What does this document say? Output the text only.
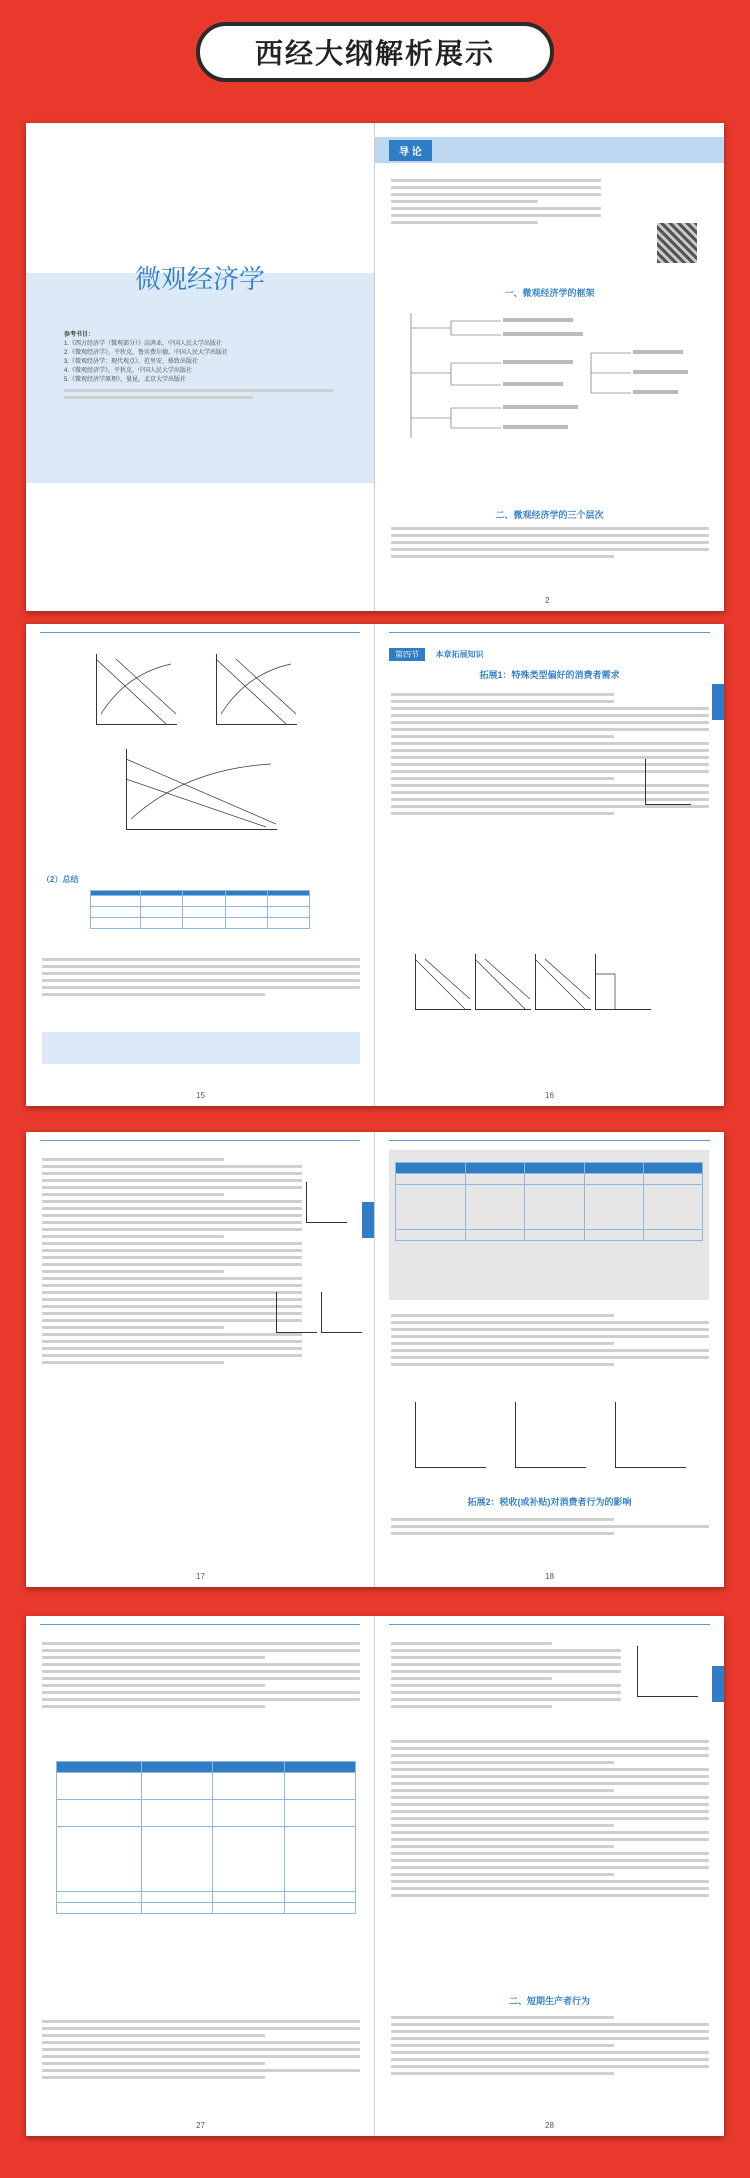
西经大纲解析展示
微观经济学
参考书目：
1.《西方经济学（微观部分）》高鸿业，中国人民大学出版社
2.《微观经济学》，平狄克，鲁宾费尔德，中国人民大学出版社
3.《微观经济学：现代观点》，范里安，格致出版社
4.《微观经济学》，平狄克，中国人民大学出版社
5.《微观经济学原理》，曼昆，北京大学出版社
导 论
一、微观经济学的框架
二、微观经济学的三个层次
2
（2）总结

15
第四节 本章拓展知识
拓展1：特殊类型偏好的消费者需求
16
17

拓展2：税收(或补贴)对消费者行为的影响
18

27
二、短期生产者行为
28
